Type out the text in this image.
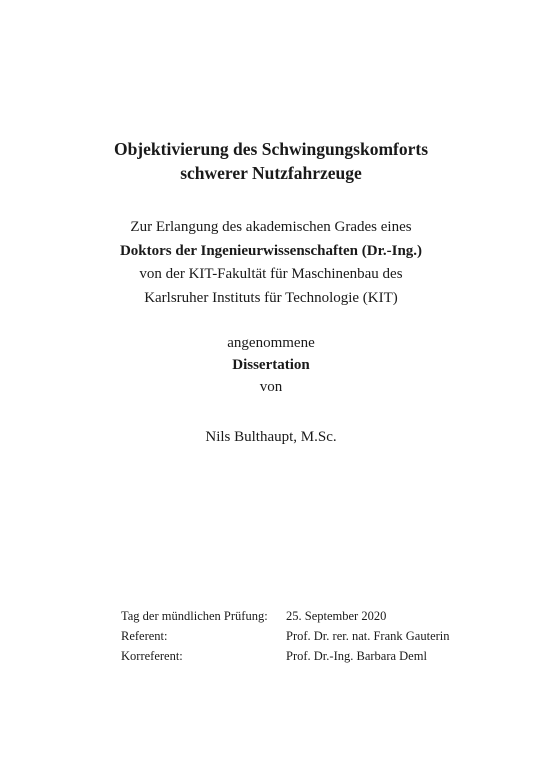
Objektivierung des Schwingungskomforts
schwerer Nutzfahrzeuge
Zur Erlangung des akademischen Grades eines
Doktors der Ingenieurwissenschaften (Dr.-Ing.)
von der KIT-Fakultät für Maschinenbau des
Karlsruher Instituts für Technologie (KIT)
angenommene
Dissertation
von
Nils Bulthaupt, M.Sc.
Tag der mündlichen Prüfung:	25. September 2020
Referent:	Prof. Dr. rer. nat. Frank Gauterin
Korreferent:	Prof. Dr.-Ing. Barbara Deml
